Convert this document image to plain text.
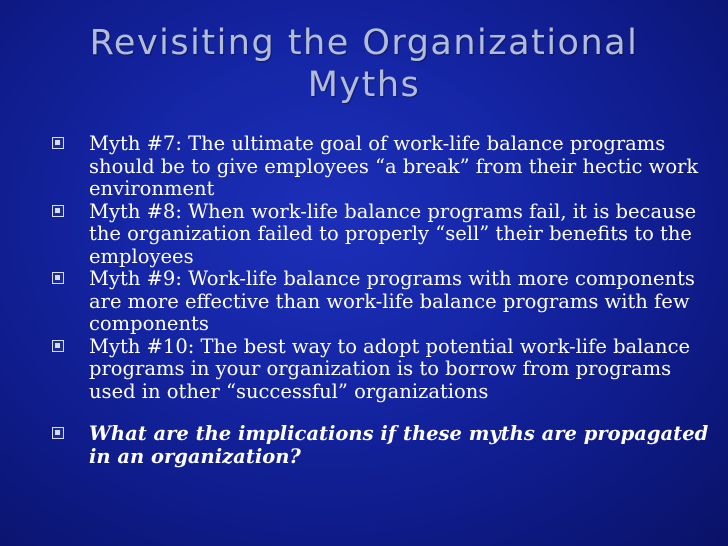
Revisiting the Organizational
Myths
Myth #7: The ultimate goal of work-life balance programs should be to give employees “a break” from their hectic work environment
Myth #8: When work-life balance programs fail, it is because the organization failed to properly “sell” their benefits to the employees
Myth #9: Work-life balance programs with more components are more effective than work-life balance programs with few components
Myth #10: The best way to adopt potential work-life balance programs in your organization is to borrow from programs used in other “successful” organizations
What are the implications if these myths are propagated in an organization?
